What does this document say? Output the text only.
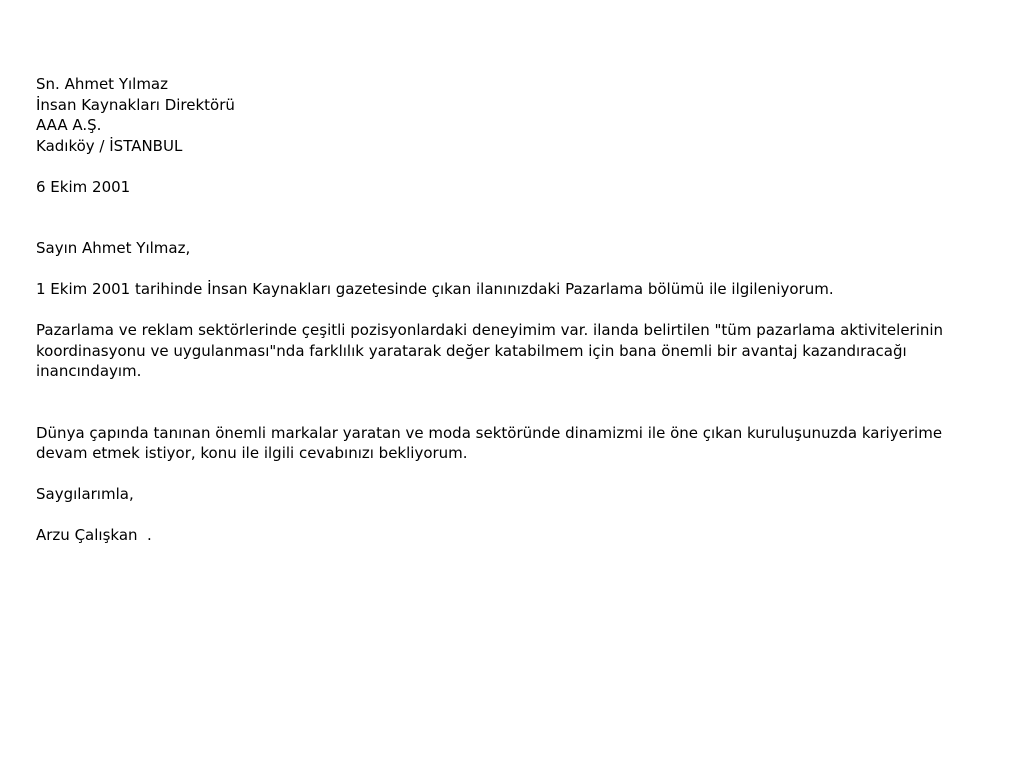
Sn. Ahmet Yılmaz
İnsan Kaynakları Direktörü
AAA A.Ş.
Kadıköy / İSTANBUL
6 Ekim 2001
Sayın Ahmet Yılmaz,
1 Ekim 2001 tarihinde İnsan Kaynakları gazetesinde çıkan ilanınızdaki Pazarlama bölümü ile ilgileniyorum.
Pazarlama ve reklam sektörlerinde çeşitli pozisyonlardaki deneyimim var. ilanda belirtilen "tüm pazarlama aktivitelerinin koordinasyonu ve uygulanması"nda farklılık yaratarak değer katabilmem için bana önemli bir avantaj kazandıracağı inancındayım.
Dünya çapında tanınan önemli markalar yaratan ve moda sektöründe dinamizmi ile öne çıkan kuruluşunuzda kariyerime devam etmek istiyor, konu ile ilgili cevabınızı bekliyorum.
Saygılarımla,
Arzu Çalışkan  .
